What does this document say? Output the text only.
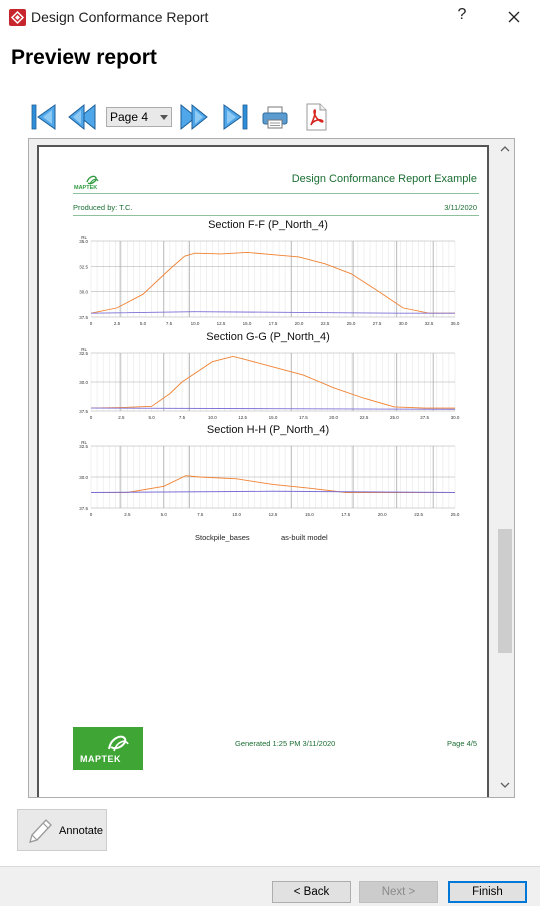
Design Conformance Report	?
Preview report
Page 4
MAPTEK
Design Conformance Report Example
Produced by: T.C.	3/11/2020
Section F-F (P_North_4)
37.5
30.0
32.5
35.0
RL
0	2.5	5.0	7.5	10.0	12.5	15.0	17.5	20.0	22.5	25.0	27.5	30.0	32.5	35.0
Section G-G (P_North_4)
37.5
30.0
32.5
RL
0	2.5	5.0	7.5	10.0	12.5	15.0	17.5	20.0	22.5	25.0	27.5	30.0
Section H-H (P_North_4)
37.5
30.0
32.5
RL
0	2.5	5.0	7.5	10.0	12.5	15.0	17.5	20.0	22.5	25.0
Stockpile_bases	as-built model
MAPTEK
Generated 1:25 PM 3/11/2020	Page 4/5
Annotate
< Back	Next >	Finish
